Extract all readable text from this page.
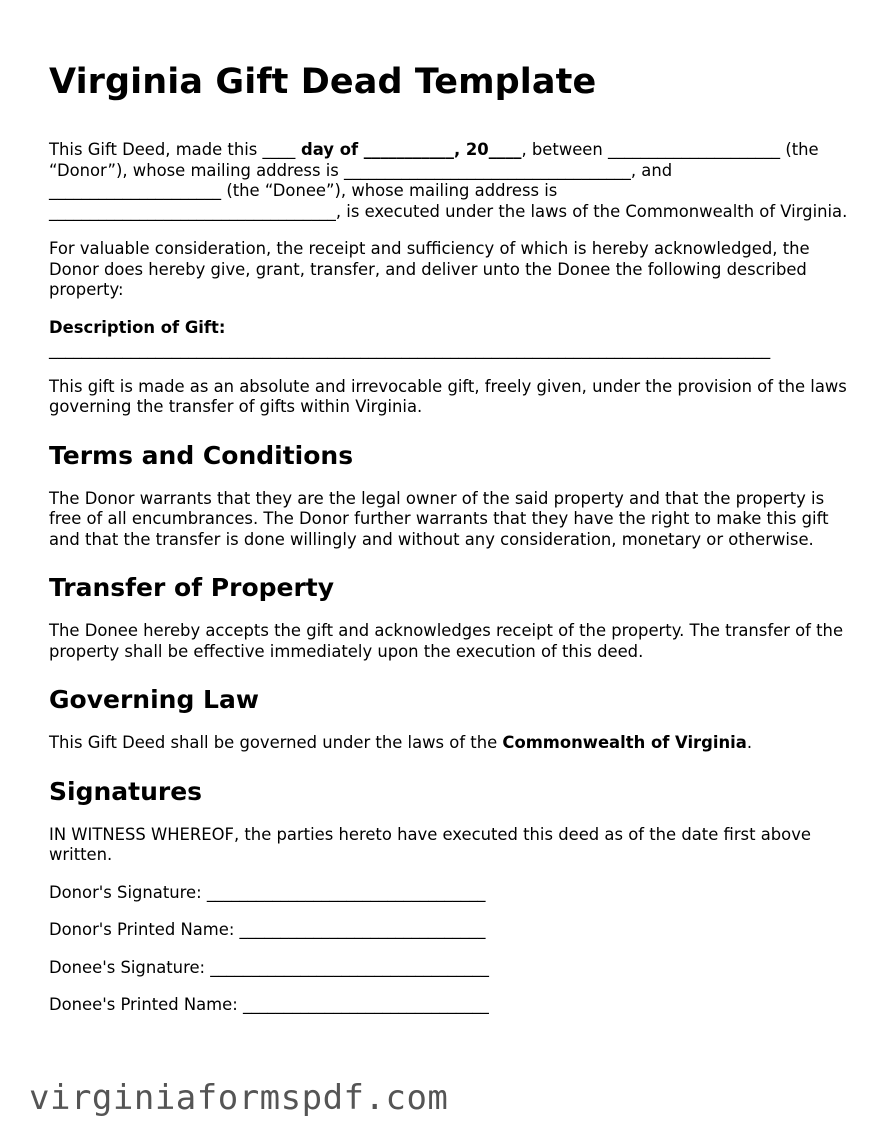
Virginia Gift Dead Template

This Gift Deed, made this ____ day of ___________, 20____, between _____________________ (the “Donor”), whose mailing address is ___________________________________, and _____________________ (the “Donee”), whose mailing address is ___________________________________, is executed under the laws of the Commonwealth of Virginia.

For valuable consideration, the receipt and sufficiency of which is hereby acknowledged, the Donor does hereby give, grant, transfer, and deliver unto the Donee the following described property:

Description of Gift:

________________________________________________________________________________________

This gift is made as an absolute and irrevocable gift, freely given, under the provision of the laws governing the transfer of gifts within Virginia.

Terms and Conditions

The Donor warrants that they are the legal owner of the said property and that the property is free of all encumbrances. The Donor further warrants that they have the right to make this gift and that the transfer is done willingly and without any consideration, monetary or otherwise.

Transfer of Property

The Donee hereby accepts the gift and acknowledges receipt of the property. The transfer of the property shall be effective immediately upon the execution of this deed.

Governing Law

This Gift Deed shall be governed under the laws of the Commonwealth of Virginia.

Signatures

IN WITNESS WHEREOF, the parties hereto have executed this deed as of the date first above written.

Donor's Signature: __________________________________

Donor's Printed Name: ______________________________

Donee's Signature: __________________________________

Donee's Printed Name: ______________________________

virginiaformspdf.com
